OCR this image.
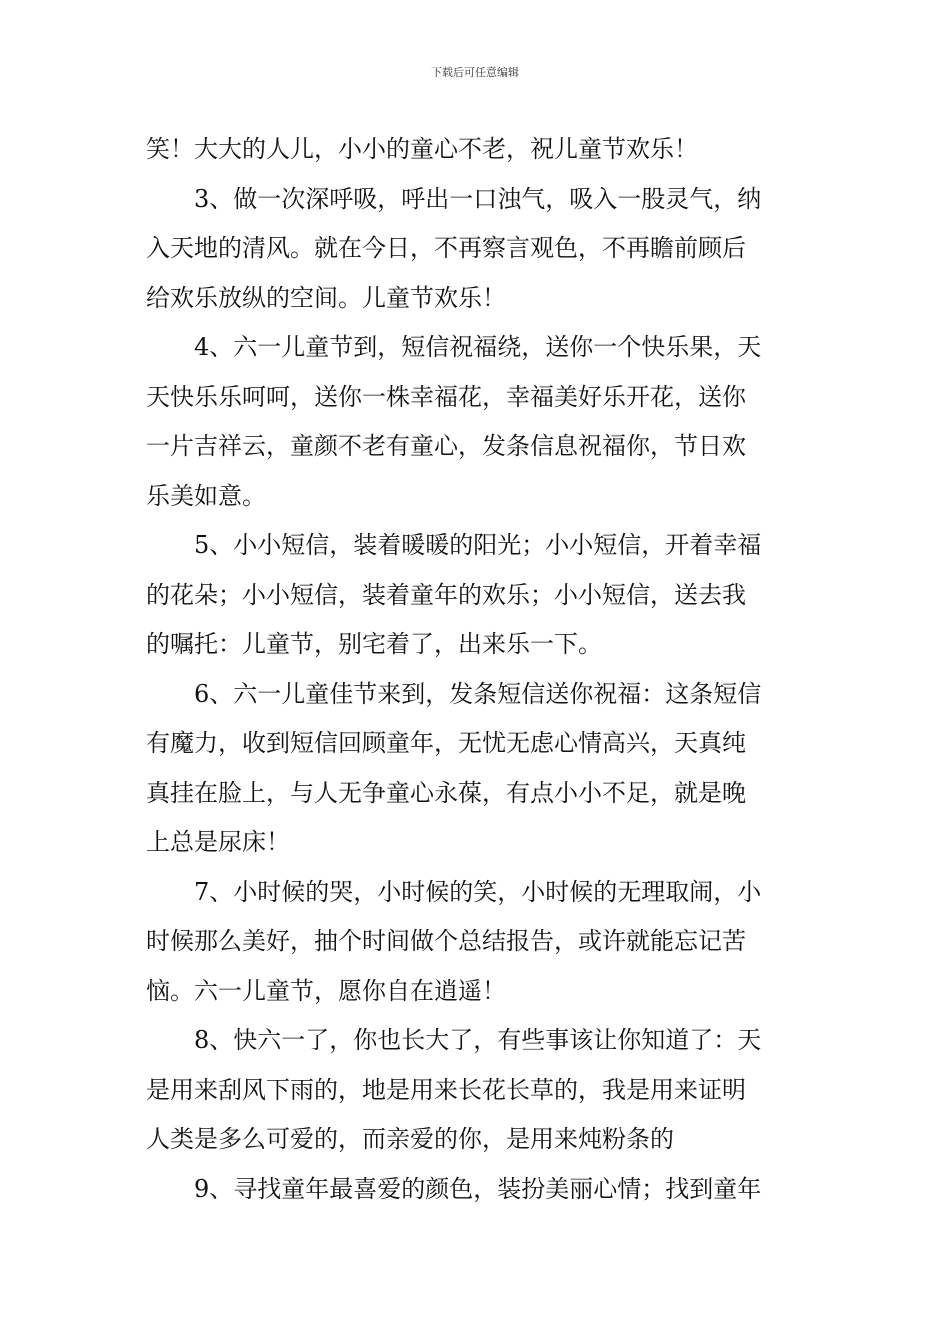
下载后可任意编辑
笑！大大的人儿，小小的童心不老，祝儿童节欢乐！
3、做一次深呼吸，呼出一口浊气，吸入一股灵气，纳
入天地的清风。就在今日，不再察言观色，不再瞻前顾后
给欢乐放纵的空间。儿童节欢乐！
4、六一儿童节到，短信祝福绕，送你一个快乐果，天
天快乐乐呵呵，送你一株幸福花，幸福美好乐开花，送你
一片吉祥云，童颜不老有童心，发条信息祝福你，节日欢
乐美如意。
5、小小短信，装着暖暖的阳光；小小短信，开着幸福
的花朵；小小短信，装着童年的欢乐；小小短信，送去我
的嘱托：儿童节，别宅着了，出来乐一下。
6、六一儿童佳节来到，发条短信送你祝福：这条短信
有魔力，收到短信回顾童年，无忧无虑心情高兴，天真纯
真挂在脸上，与人无争童心永葆，有点小小不足，就是晚
上总是尿床！
7、小时候的哭，小时候的笑，小时候的无理取闹，小
时候那么美好，抽个时间做个总结报告，或许就能忘记苦
恼。六一儿童节，愿你自在逍遥！
8、快六一了，你也长大了，有些事该让你知道了：天
是用来刮风下雨的，地是用来长花长草的，我是用来证明
人类是多么可爱的，而亲爱的你，是用来炖粉条的
9、寻找童年最喜爱的颜色，装扮美丽心情；找到童年
